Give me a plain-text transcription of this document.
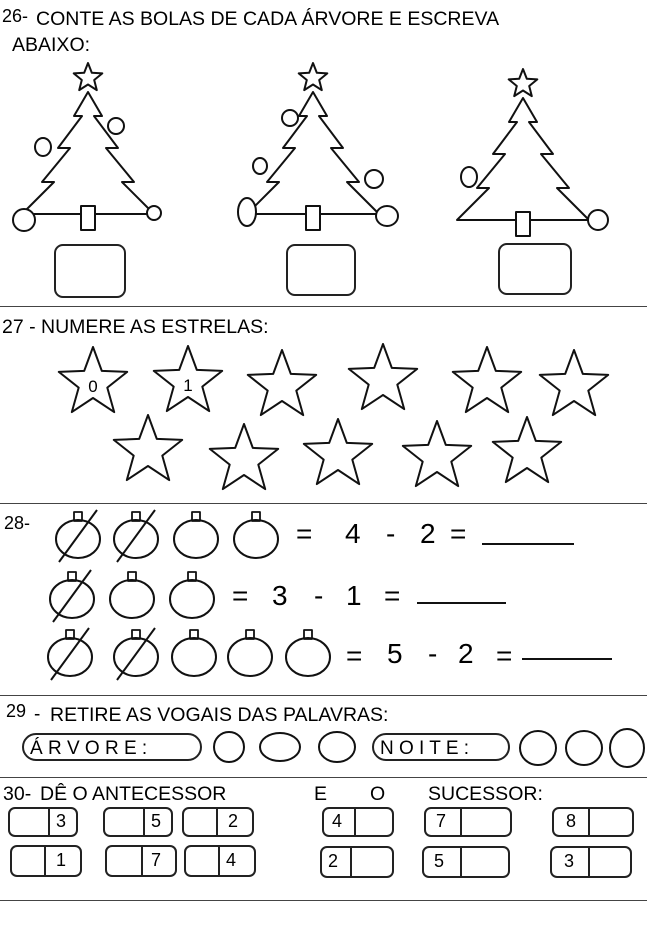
0	1
26- CONTE AS BOLAS DE CADA ÁRVORE E ESCREVA
ABAIXO:
27 - NUMERE AS ESTRELAS:
28-	= 4 - 2 =
= 3 - 1 =
= 5 - 2 =
29 - RETIRE AS VOGAIS DAS PALAVRAS:
Á R V O R E :	N O I T E :
30- DÊ O ANTECESSOR	E O SUCESSOR:
3	5	2
1	7	4
4	7	8
2	5	3
